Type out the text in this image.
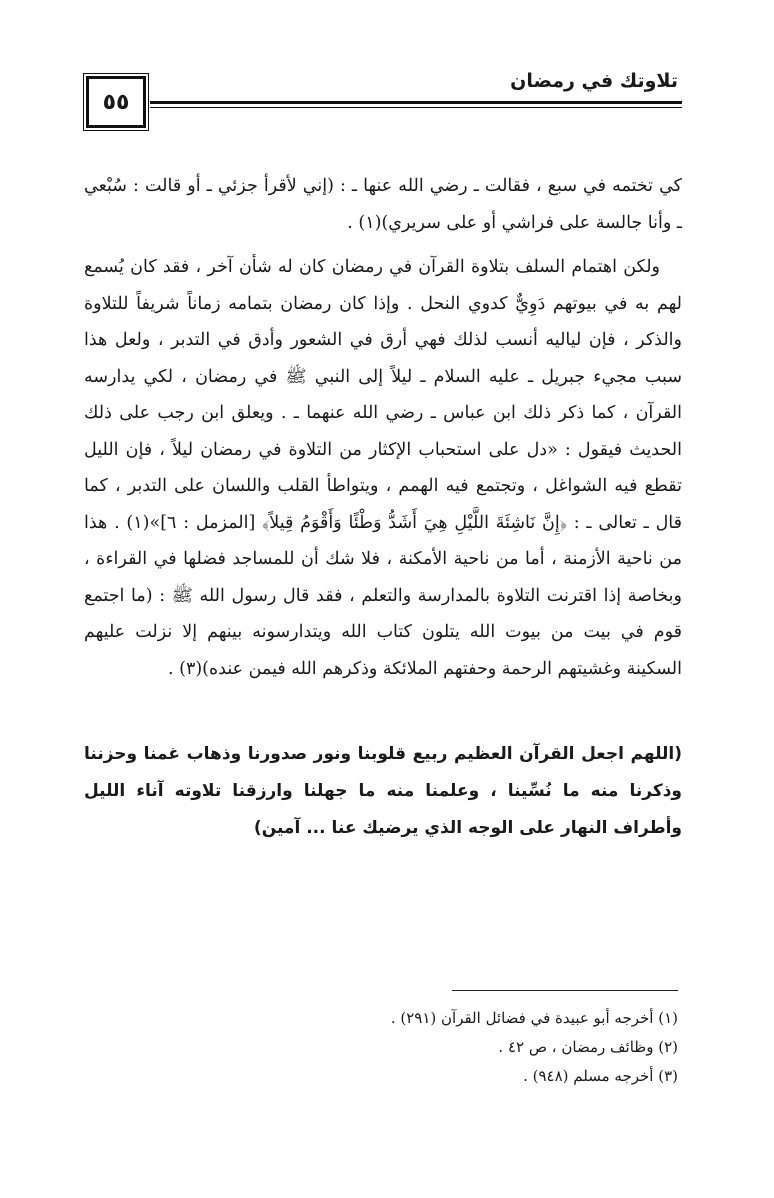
٥٥
تلاوتك في رمضان

كي تختمه في سبع ، فقالت ـ رضي الله عنها ـ : (إني لأقرأ جزئي ـ أو قالت : سُبْعي ـ وأنا جالسة على فراشي أو على سريري)(١) .

ولكن اهتمام السلف بتلاوة القرآن في رمضان كان له شأن آخر ، فقد كان يُسمع لهم به في بيوتهم دَوِيٌّ كدوي النحل . وإذا كان رمضان بتمامه زماناً شريفاً للتلاوة والذكر ، فإن لياليه أنسب لذلك فهي أرق في الشعور وأدق في التدبر ، ولعل هذا سبب مجيء جبريل ـ عليه السلام ـ ليلاً إلى النبي ﷺ في رمضان ، لكي يدارسه القرآن ، كما ذكر ذلك ابن عباس ـ رضي الله عنهما ـ . ويعلق ابن رجب على ذلك الحديث فيقول : «دل على استحباب الإكثار من التلاوة في رمضان ليلاً ، فإن الليل تقطع فيه الشواغل ، وتجتمع فيه الهمم ، ويتواطأ القلب واللسان على التدبر ، كما قال ـ تعالى ـ : ﴿إِنَّ نَاشِئَةَ اللَّيْلِ هِيَ أَشَدُّ وَطْئًا وَأَقْوَمُ قِيلاً﴾ [المزمل : ٦]»(١) . هذا من ناحية الأزمنة ، أما من ناحية الأمكنة ، فلا شك أن للمساجد فضلها في القراءة ، وبخاصة إذا اقترنت التلاوة بالمدارسة والتعلم ، فقد قال رسول الله ﷺ : (ما اجتمع قوم في بيت من بيوت الله يتلون كتاب الله ويتدارسونه بينهم إلا نزلت عليهم السكينة وغشيتهم الرحمة وحفتهم الملائكة وذكرهم الله فيمن عنده)(٣) .

(اللهم اجعل القرآن العظيم ربيع قلوبنا ونور صدورنا وذهاب غمنا وحزننا وذكرنا منه ما نُسِّينا ، وعلمنا منه ما جهلنا وارزقنا تلاوته آناء الليل وأطراف النهار على الوجه الذي يرضيك عنا ... آمين)
(١) أخرجه أبو عبيدة في فضائل القرآن (٢٩١) .
(٢) وظائف رمضان ، ص ٤٢ .
(٣) أخرجه مسلم (٩٤٨) .
